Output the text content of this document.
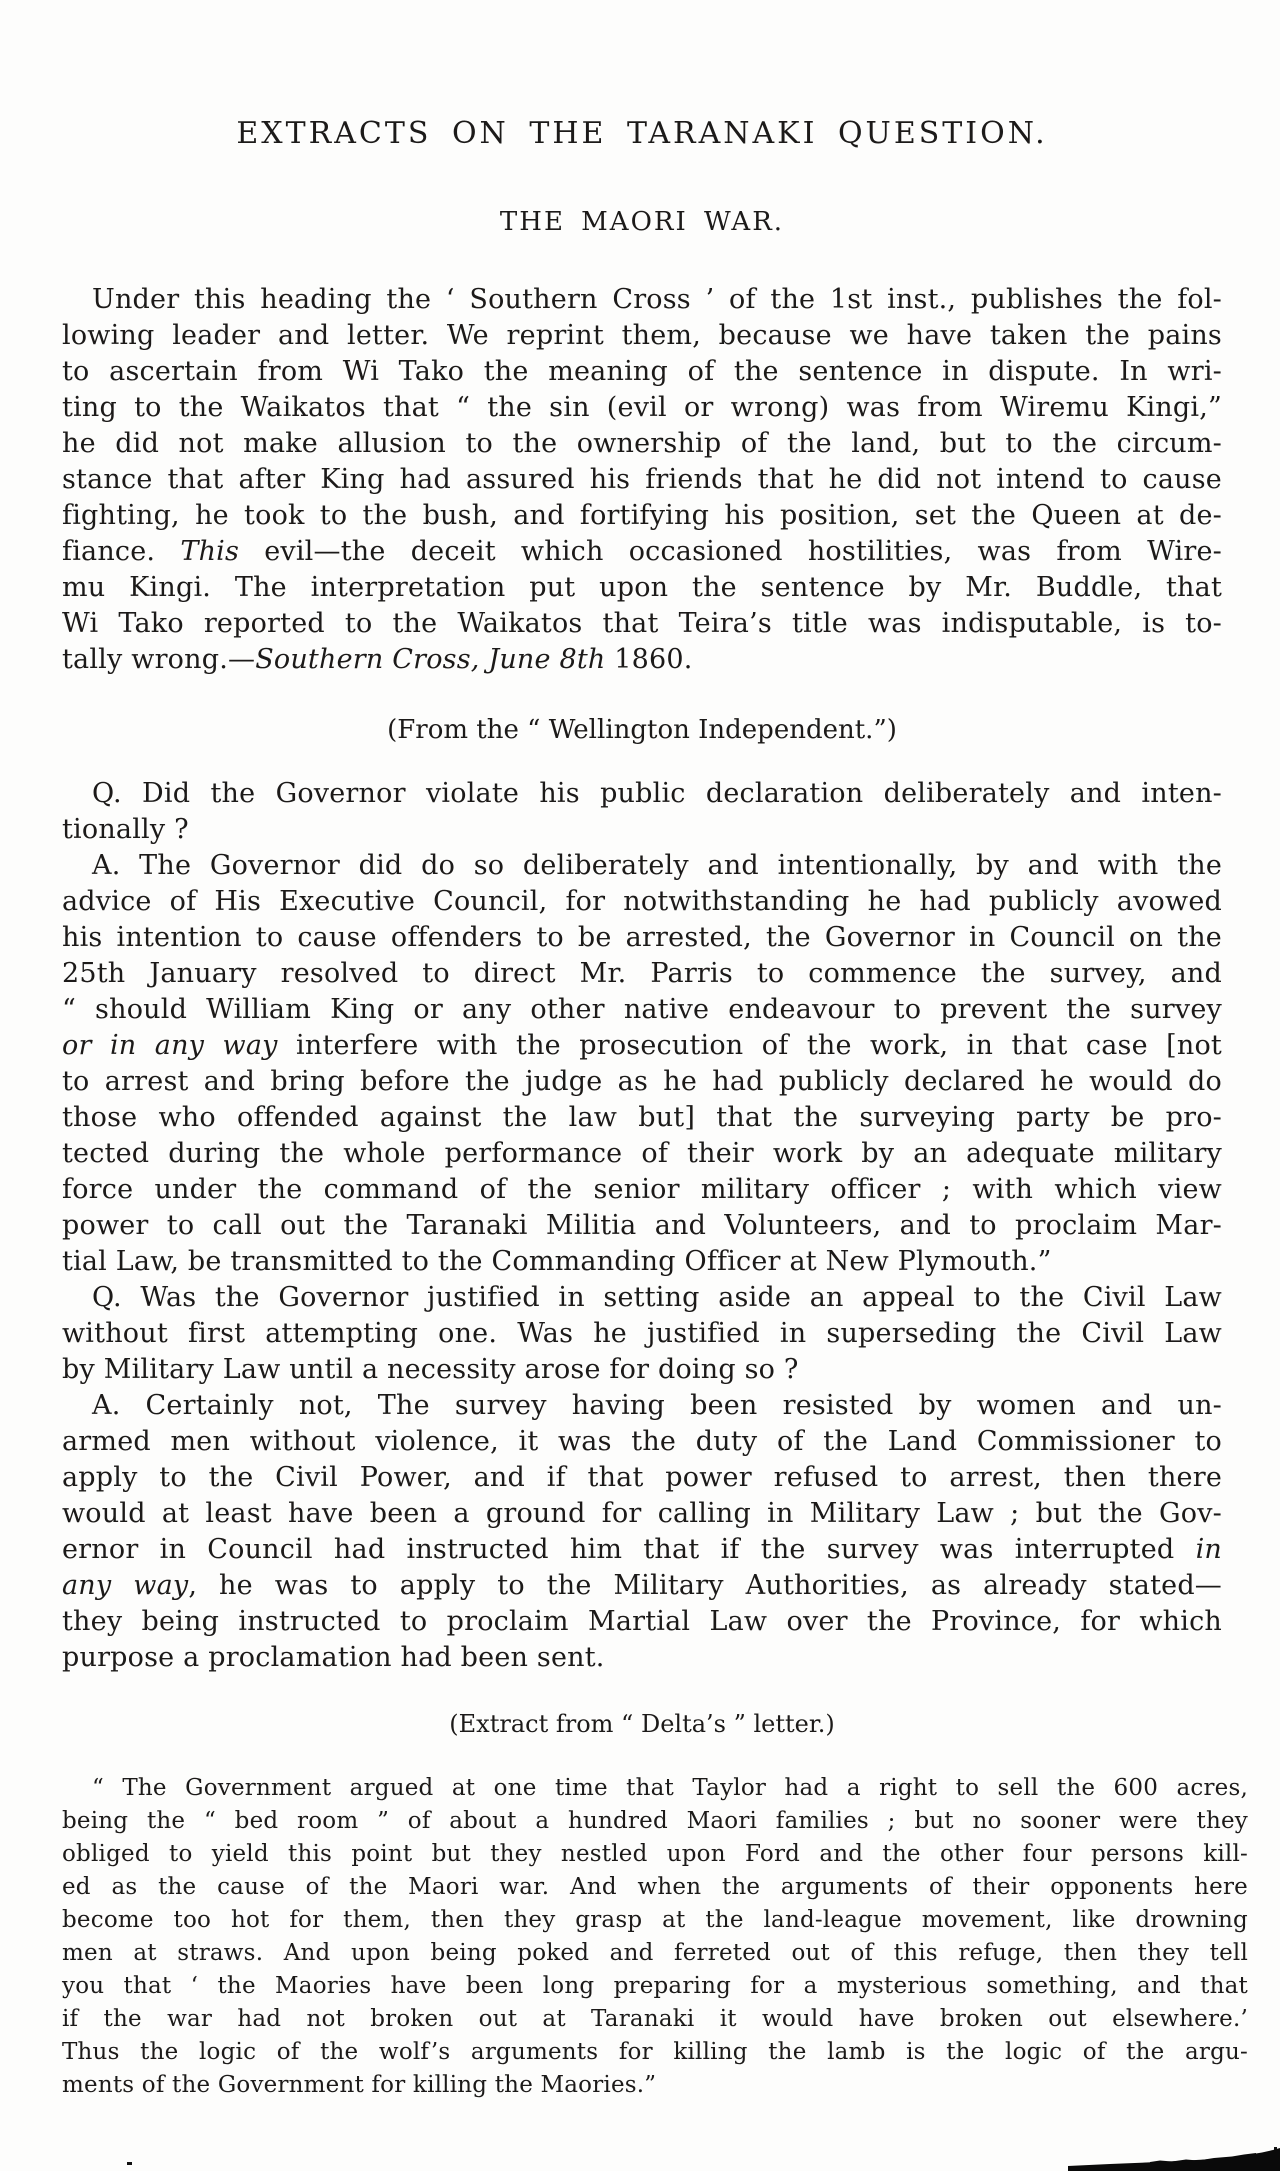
EXTRACTS ON THE TARANAKI QUESTION.
THE MAORI WAR.
Under this heading the ‘ Southern Cross ’ of the 1st inst., publishes the fol-
lowing leader and letter. We reprint them, because we have taken the pains
to ascertain from Wi Tako the meaning of the sentence in dispute. In wri-
ting to the Waikatos that “ the sin (evil or wrong) was from Wiremu Kingi,”
he did not make allusion to the ownership of the land, but to the circum-
stance that after King had assured his friends that he did not intend to cause
fighting, he took to the bush, and fortifying his position, set the Queen at de-
fiance. This evil—the deceit which occasioned hostilities, was from Wire-
mu Kingi. The interpretation put upon the sentence by Mr. Buddle, that
Wi Tako reported to the Waikatos that Teira’s title was indisputable, is to-
tally wrong.—Southern Cross, June 8th 1860.
(From the “ Wellington Independent.”)
Q. Did the Governor violate his public declaration deliberately and inten-
tionally ?
A. The Governor did do so deliberately and intentionally, by and with the
advice of His Executive Council, for notwithstanding he had publicly avowed
his intention to cause offenders to be arrested, the Governor in Council on the
25th January resolved to direct Mr. Parris to commence the survey, and
“ should William King or any other native endeavour to prevent the survey
or in any way interfere with the prosecution of the work, in that case [not
to arrest and bring before the judge as he had publicly declared he would do
those who offended against the law but] that the surveying party be pro-
tected during the whole performance of their work by an adequate military
force under the command of the senior military officer ; with which view
power to call out the Taranaki Militia and Volunteers, and to proclaim Mar-
tial Law, be transmitted to the Commanding Officer at New Plymouth.”
Q. Was the Governor justified in setting aside an appeal to the Civil Law
without first attempting one. Was he justified in superseding the Civil Law
by Military Law until a necessity arose for doing so ?
A. Certainly not, The survey having been resisted by women and un-
armed men without violence, it was the duty of the Land Commissioner to
apply to the Civil Power, and if that power refused to arrest, then there
would at least have been a ground for calling in Military Law ; but the Gov-
ernor in Council had instructed him that if the survey was interrupted in
any way, he was to apply to the Military Authorities, as already stated—
they being instructed to proclaim Martial Law over the Province, for which
purpose a proclamation had been sent.
(Extract from “ Delta’s ” letter.)
“ The Government argued at one time that Taylor had a right to sell the 600 acres,
being the “ bed room ” of about a hundred Maori families ; but no sooner were they
obliged to yield this point but they nestled upon Ford and the other four persons kill-
ed as the cause of the Maori war. And when the arguments of their opponents here
become too hot for them, then they grasp at the land-league movement, like drowning
men at straws. And upon being poked and ferreted out of this refuge, then they tell
you that ‘ the Maories have been long preparing for a mysterious something, and that
if the war had not broken out at Taranaki it would have broken out elsewhere.’
Thus the logic of the wolf’s arguments for killing the lamb is the logic of the argu-
ments of the Government for killing the Maories.”
